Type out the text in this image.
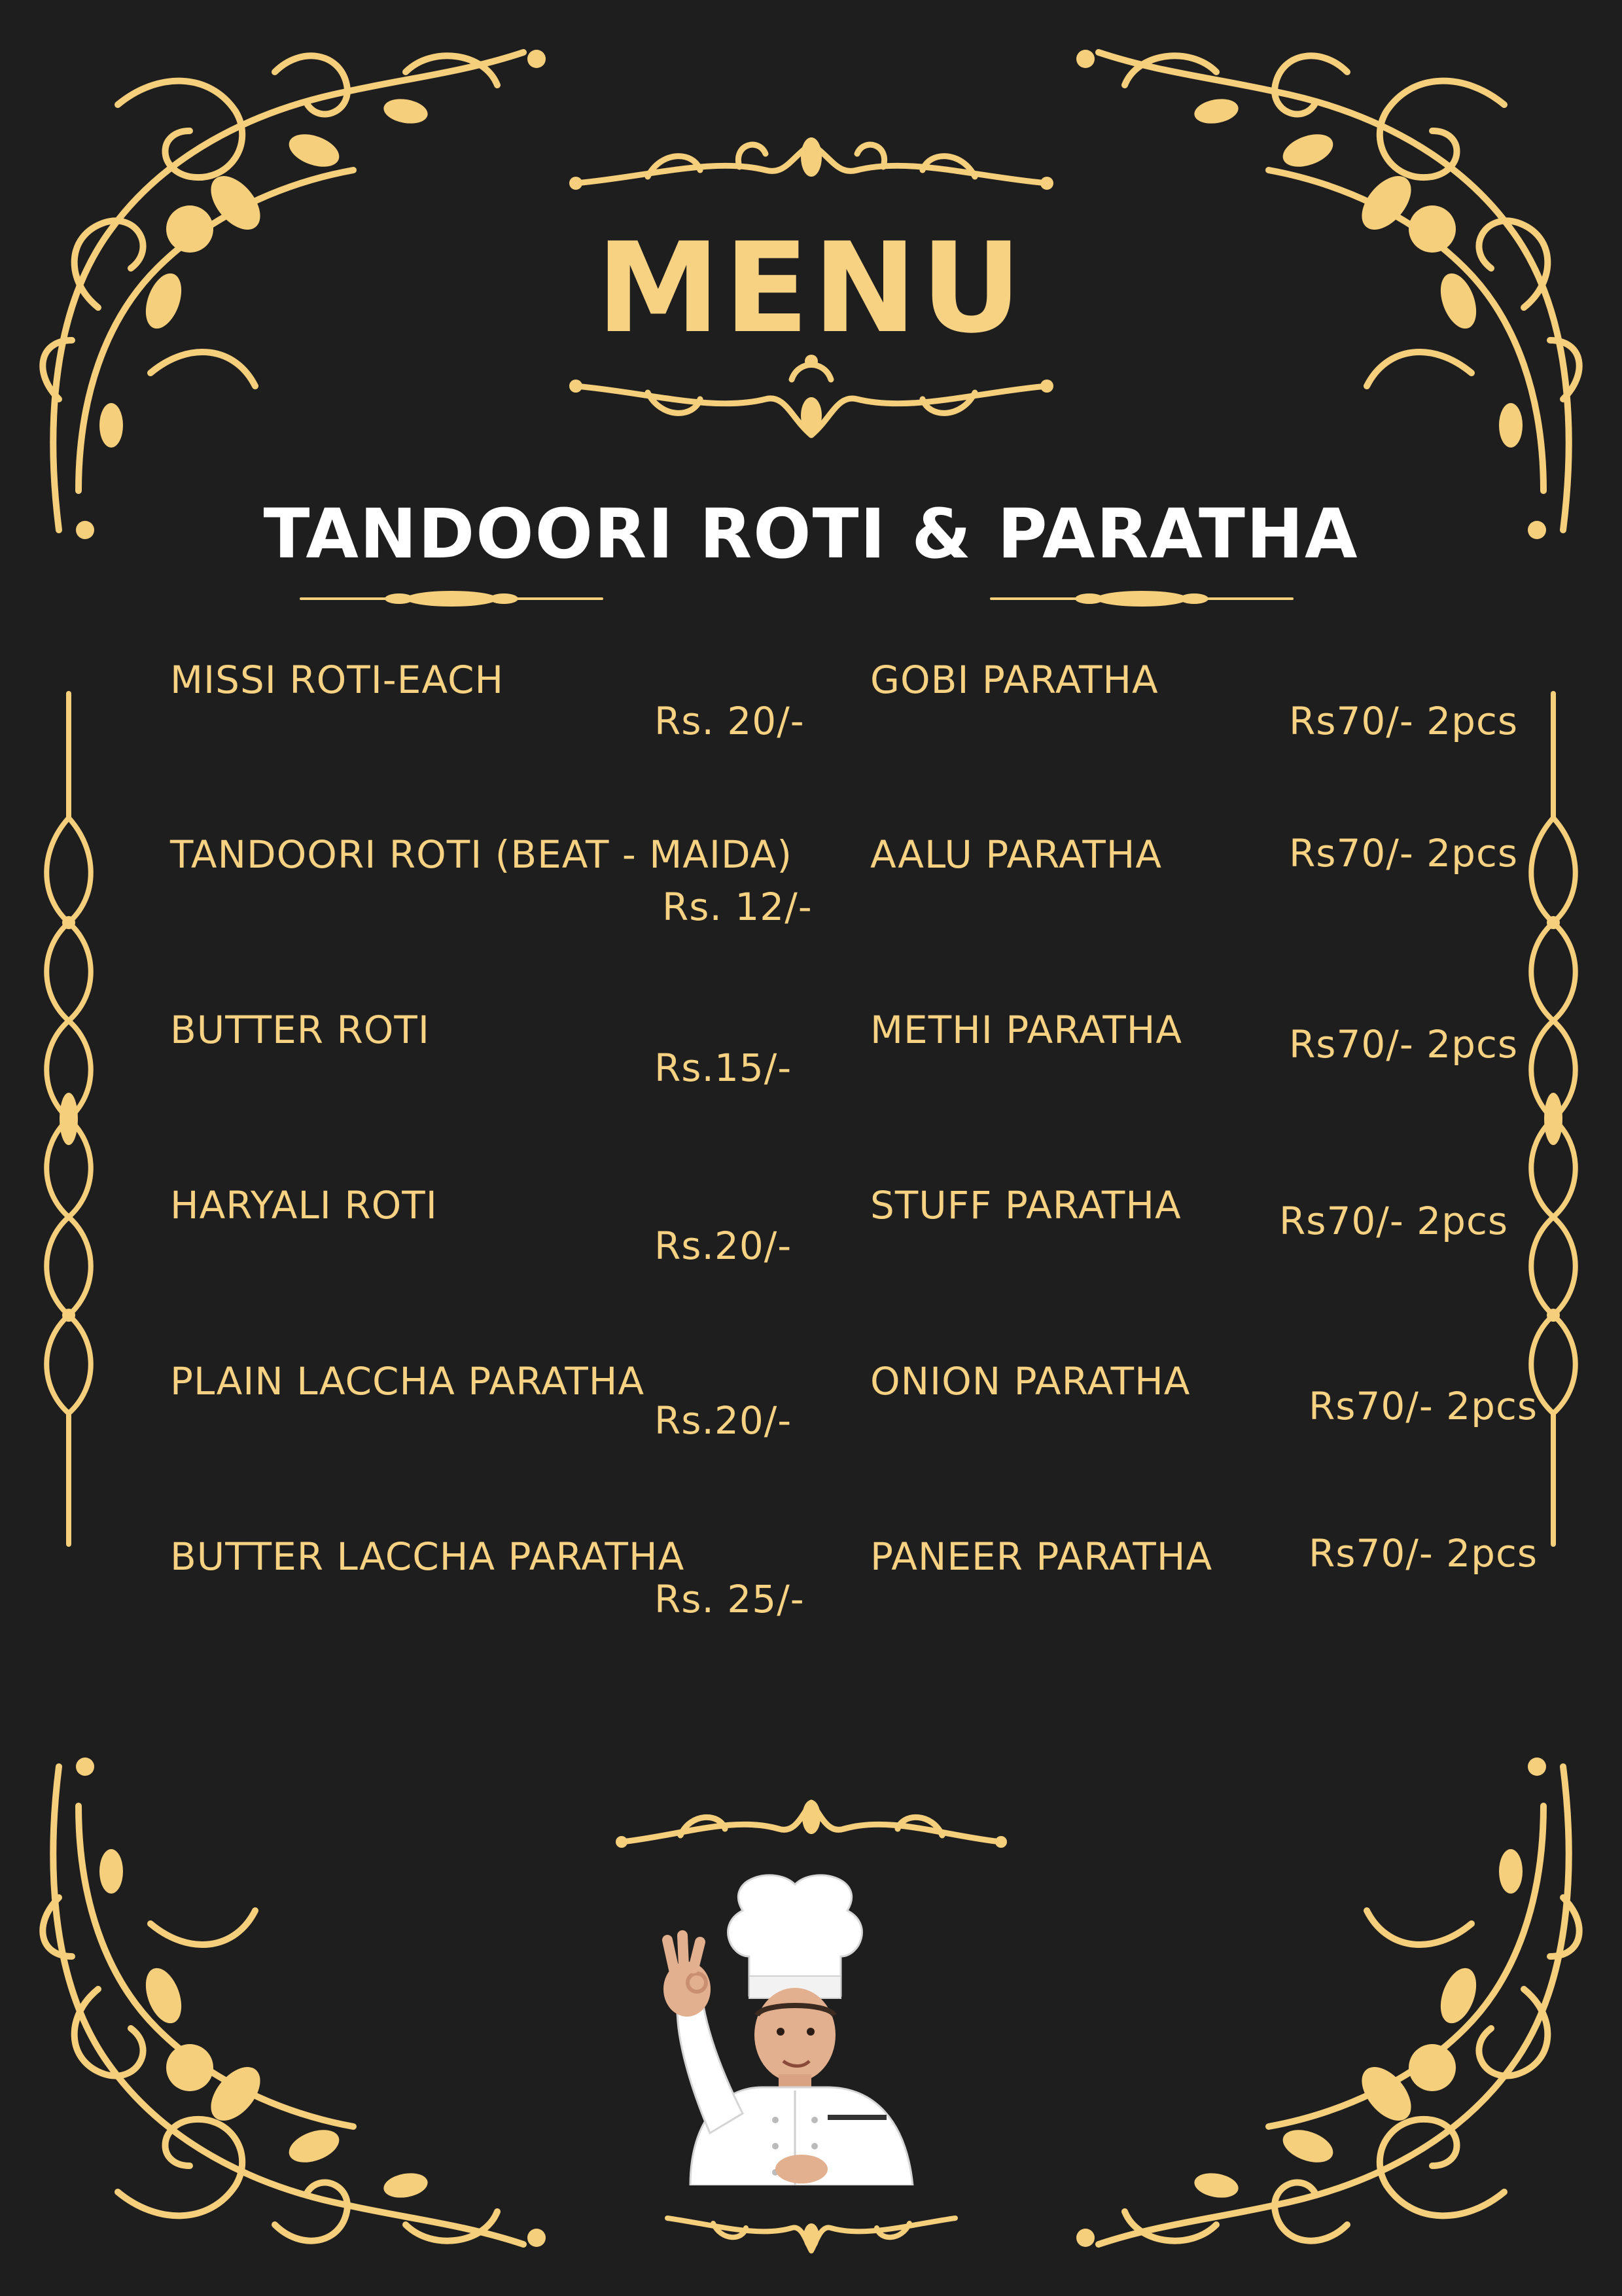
MENU
TANDOORI ROTI & PARATHA
MISSI ROTI-EACH
Rs. 20/-
TANDOORI ROTI (BEAT - MAIDA)
Rs. 12/-
BUTTER ROTI
Rs.15/-
HARYALI ROTI
Rs.20/-
PLAIN LACCHA PARATHA
Rs.20/-
BUTTER LACCHA PARATHA
Rs. 25/-
GOBI PARATHA
Rs70/- 2pcs
AALU PARATHA	Rs70/- 2pcs
METHI PARATHA	Rs70/- 2pcs
STUFF PARATHA	Rs70/- 2pcs
ONION PARATHA
Rs70/- 2pcs
PANEER PARATHA	Rs70/- 2pcs
